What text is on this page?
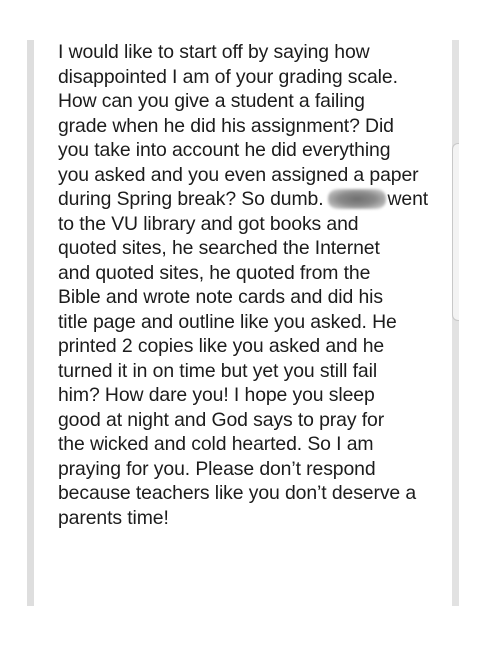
I would like to start off by saying how
disappointed I am of your grading scale.
How can you give a student a failing
grade when he did his assignment? Did
you take into account he did everything
you asked and you even assigned a paper
during Spring break? So dumb.	went
to the VU library and got books and
quoted sites, he searched the Internet
and quoted sites, he quoted from the
Bible and wrote note cards and did his
title page and outline like you asked. He
printed 2 copies like you asked and he
turned it in on time but yet you still fail
him? How dare you! I hope you sleep
good at night and God says to pray for
the wicked and cold hearted. So I am
praying for you. Please don’t respond
because teachers like you don’t deserve a
parents time!
